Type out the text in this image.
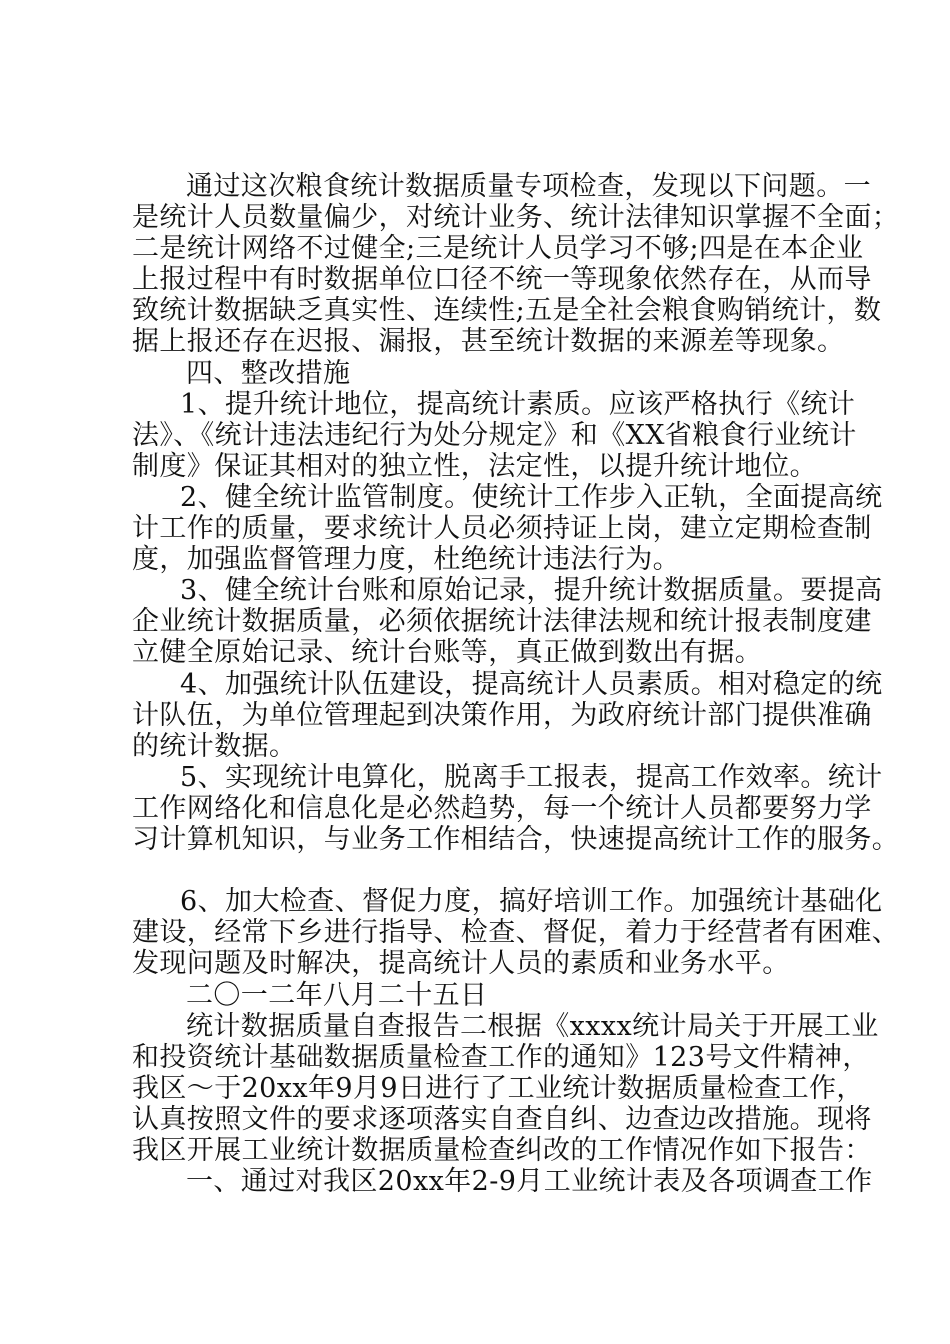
通过这次粮食统计数据质量专项检查，发现以下问题。一
是统计人员数量偏少，对统计业务、统计法律知识掌握不全面；
二是统计网络不过健全;三是统计人员学习不够;四是在本企业
上报过程中有时数据单位口径不统一等现象依然存在，从而导
致统计数据缺乏真实性、连续性;五是全社会粮食购销统计，数
据上报还存在迟报、漏报，甚至统计数据的来源差等现象。
四、整改措施
1、提升统计地位，提高统计素质。应该严格执行《统计
法》、《统计违法违纪行为处分规定》和《XX省粮食行业统计
制度》保证其相对的独立性，法定性，以提升统计地位。
2、健全统计监管制度。使统计工作步入正轨，全面提高统
计工作的质量，要求统计人员必须持证上岗，建立定期检查制
度，加强监督管理力度，杜绝统计违法行为。
3、健全统计台账和原始记录，提升统计数据质量。要提高
企业统计数据质量，必须依据统计法律法规和统计报表制度建
立健全原始记录、统计台账等，真正做到数出有据。
4、加强统计队伍建设，提高统计人员素质。相对稳定的统
计队伍，为单位管理起到决策作用，为政府统计部门提供准确
的统计数据。
5、实现统计电算化，脱离手工报表，提高工作效率。统计
工作网络化和信息化是必然趋势，每一个统计人员都要努力学
习计算机知识，与业务工作相结合，快速提高统计工作的服务。
6、加大检查、督促力度，搞好培训工作。加强统计基础化
建设，经常下乡进行指导、检查、督促，着力于经营者有困难、
发现问题及时解决，提高统计人员的素质和业务水平。
二〇一二年八月二十五日
统计数据质量自查报告二根据《xxxx统计局关于开展工业
和投资统计基础数据质量检查工作的通知》123号文件精神，
我区～于20xx年9月9日进行了工业统计数据质量检查工作，
认真按照文件的要求逐项落实自查自纠、边查边改措施。现将
我区开展工业统计数据质量检查纠改的工作情况作如下报告：
一、通过对我区20xx年2-9月工业统计表及各项调查工作
